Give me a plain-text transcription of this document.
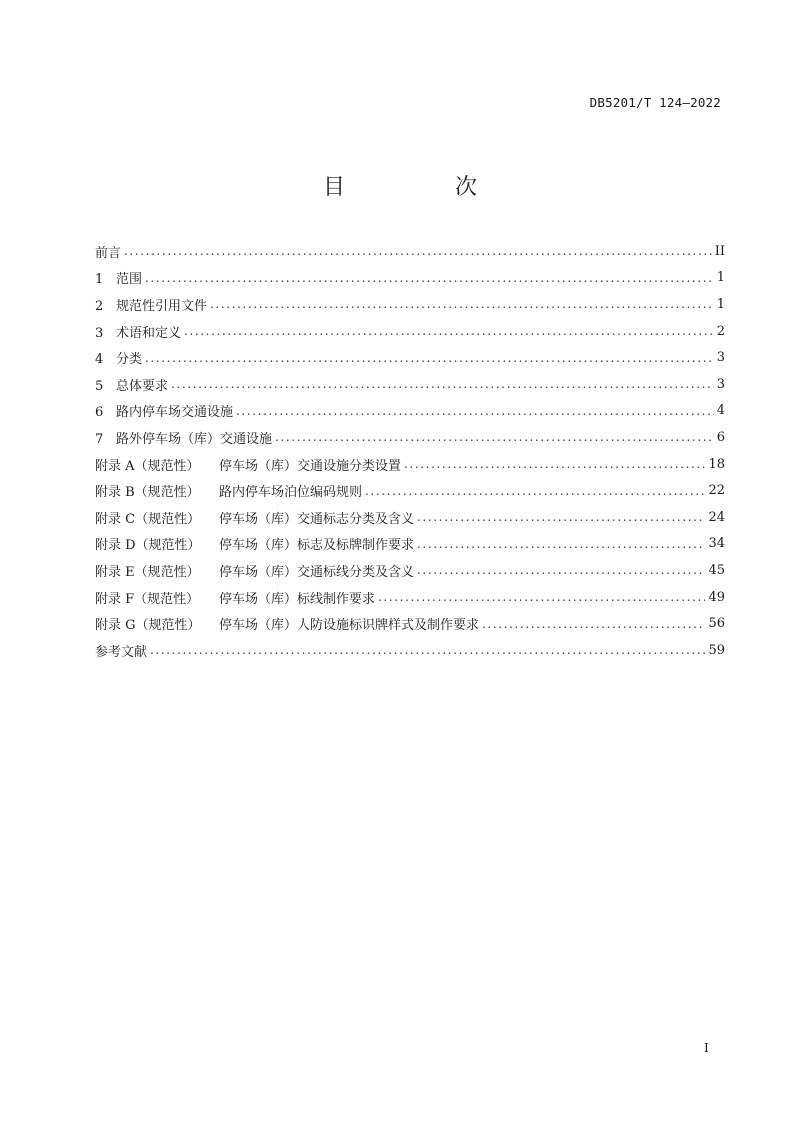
DB5201/T 124—2022
目　次
前言 .....	II
1 范围 .....	1
2 规范性引用文件 .....	1
3 术语和定义 .....	2
4 分类 .....	3
5 总体要求 .....	3
6 路内停车场交通设施 .....	4
7 路外停车场（库）交通设施 .....	6
附录 A（规范性） 停车场（库）交通设施分类设置 .....	18
附录 B（规范性） 路内停车场泊位编码规则 .....	22
附录 C（规范性） 停车场（库）交通标志分类及含义 .....	24
附录 D（规范性） 停车场（库）标志及标牌制作要求 .....	34
附录 E（规范性） 停车场（库）交通标线分类及含义 .....	45
附录 F（规范性） 停车场（库）标线制作要求 .....	49
附录 G（规范性） 停车场（库）人防设施标识牌样式及制作要求 .....	56
参考文献 .....	59
I
